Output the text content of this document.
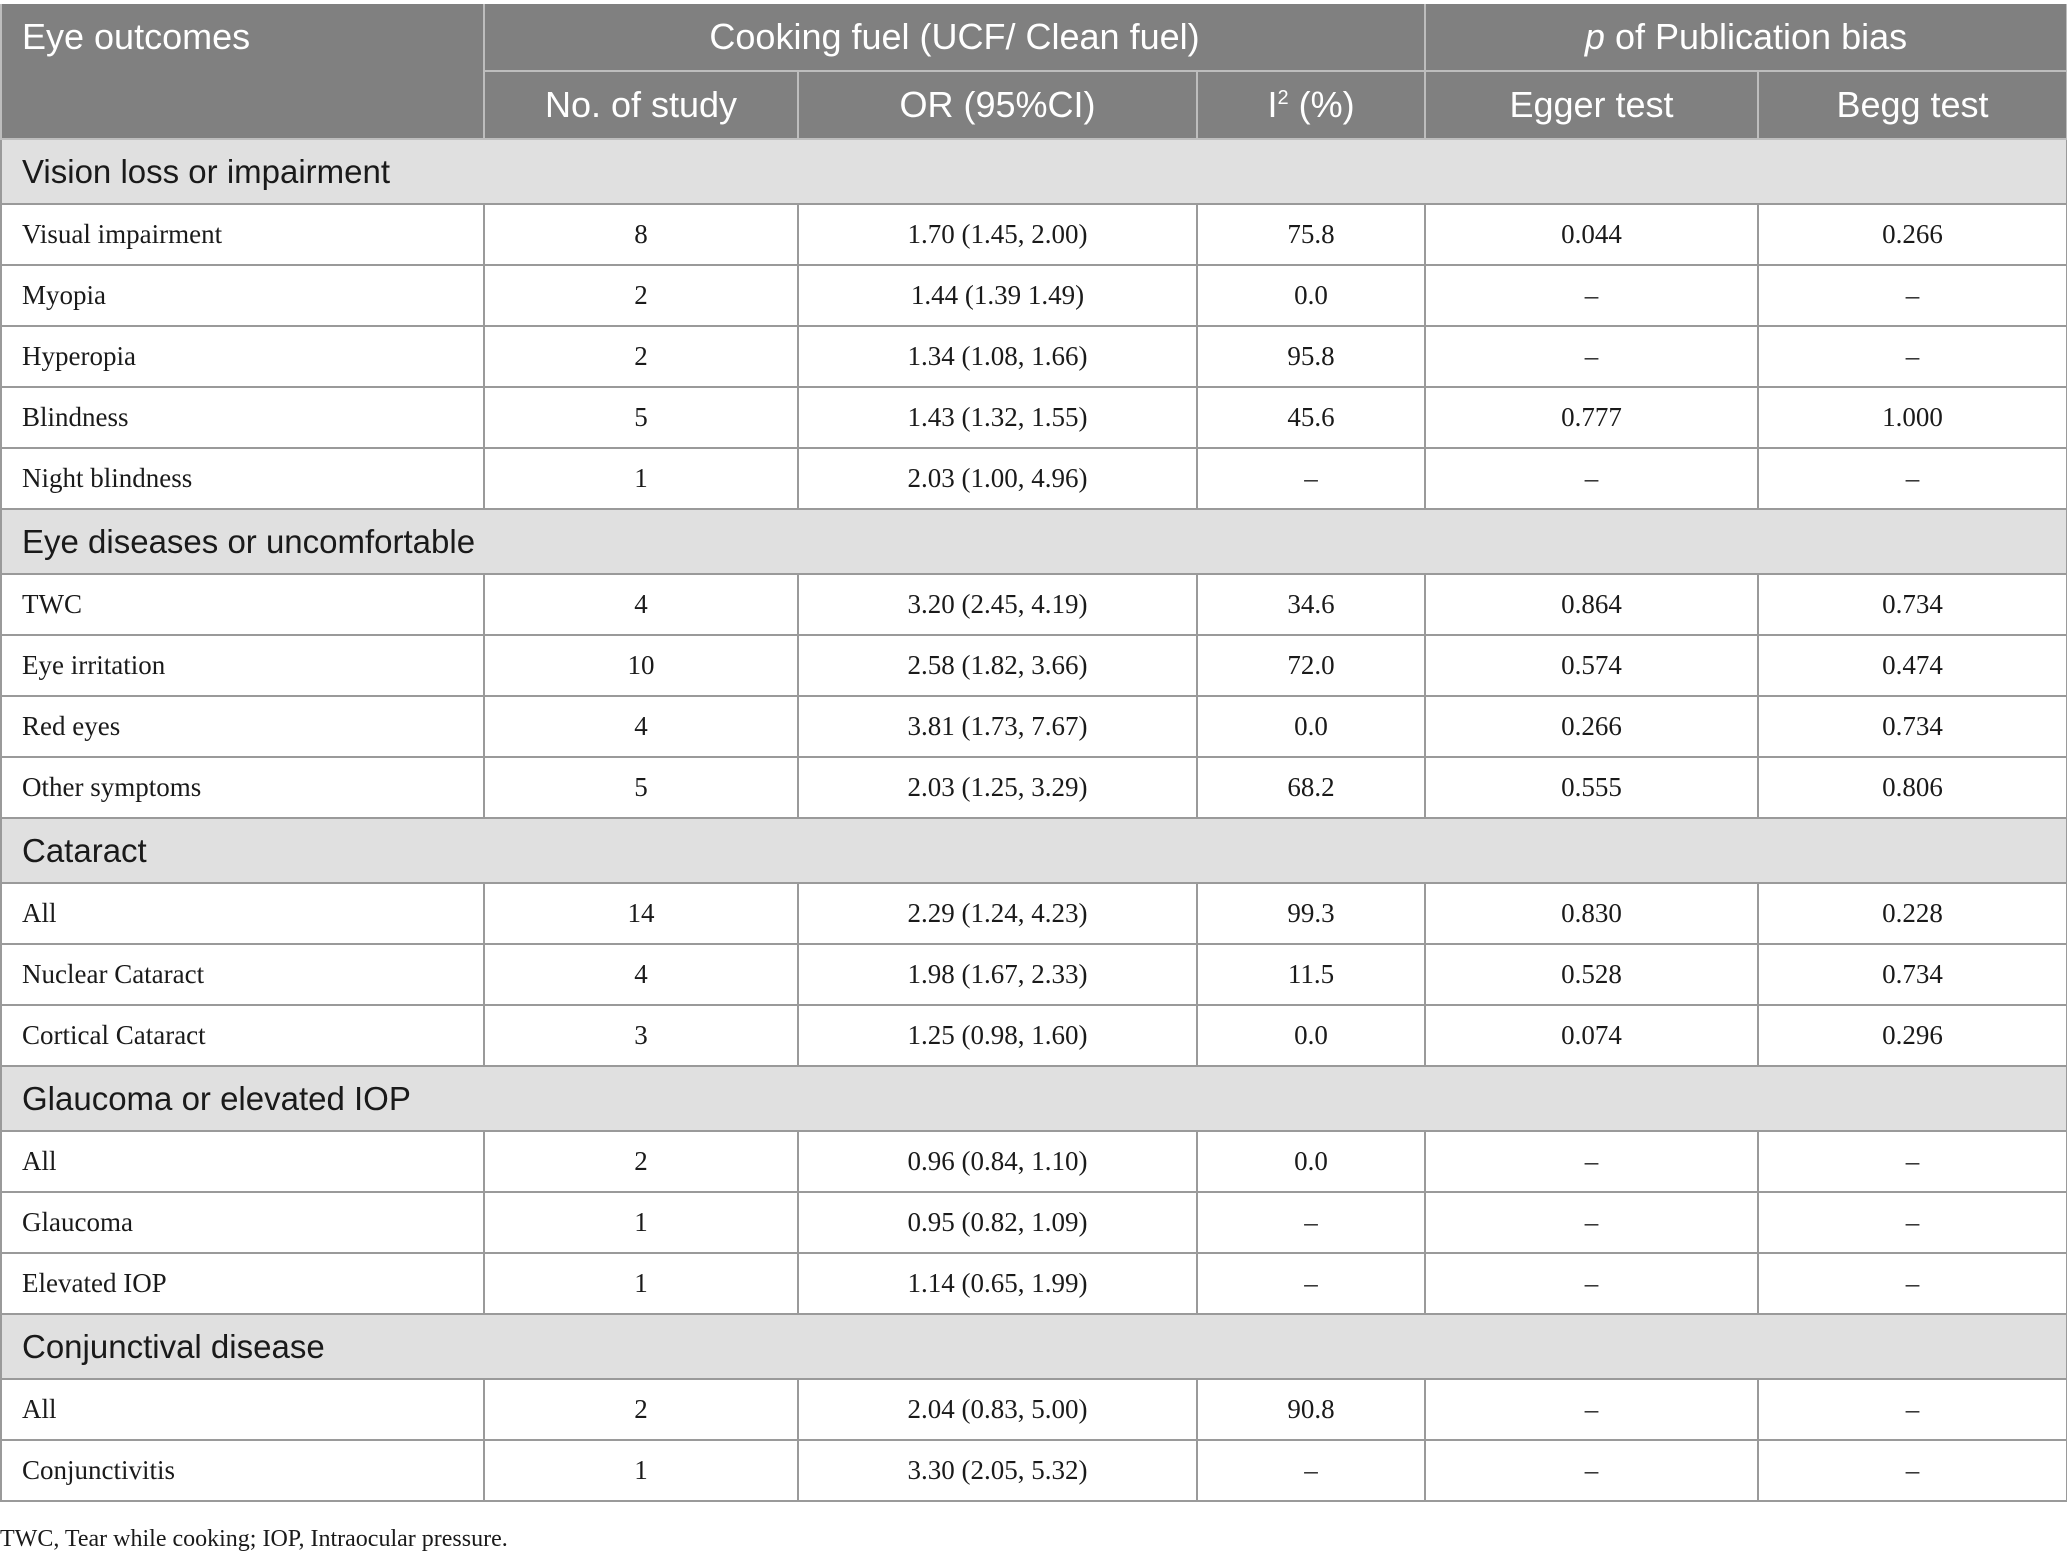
Eye outcomes	Cooking fuel (UCF/ Clean fuel)			p of Publication bias	
	No. of study	OR (95%CI)	$I^2$ (%)	Egger test	Begg test
Vision loss or impairment					
Visual impairment	8	1.70 (1.45, 2.00)	75.8	0.044	0.266
Myopia	2	1.44 (1.39 1.49)	0.0	–	–
Hyperopia	2	1.34 (1.08, 1.66)	95.8	–	–
Blindness	5	1.43 (1.32, 1.55)	45.6	0.777	1.000
Night blindness	1	2.03 (1.00, 4.96)	–	–	–
Eye diseases or uncomfortable					
TWC	4	3.20 (2.45, 4.19)	34.6	0.864	0.734
Eye irritation	10	2.58 (1.82, 3.66)	72.0	0.574	0.474
Red eyes	4	3.81 (1.73, 7.67)	0.0	0.266	0.734
Other symptoms	5	2.03 (1.25, 3.29)	68.2	0.555	0.806
Cataract					
All	14	2.29 (1.24, 4.23)	99.3	0.830	0.228
Nuclear Cataract	4	1.98 (1.67, 2.33)	11.5	0.528	0.734
Cortical Cataract	3	1.25 (0.98, 1.60)	0.0	0.074	0.296
Glaucoma or elevated IOP					
All	2	0.96 (0.84, 1.10)	0.0	–	–
Glaucoma	1	0.95 (0.82, 1.09)	–	–	–
Elevated IOP	1	1.14 (0.65, 1.99)	–	–	–
Conjunctival disease					
All	2	2.04 (0.83, 5.00)	90.8	–	–
Conjunctivitis	1	3.30 (2.05, 5.32)	–	–	–
TWC, Tear while cooking; IOP, Intraocular pressure.
